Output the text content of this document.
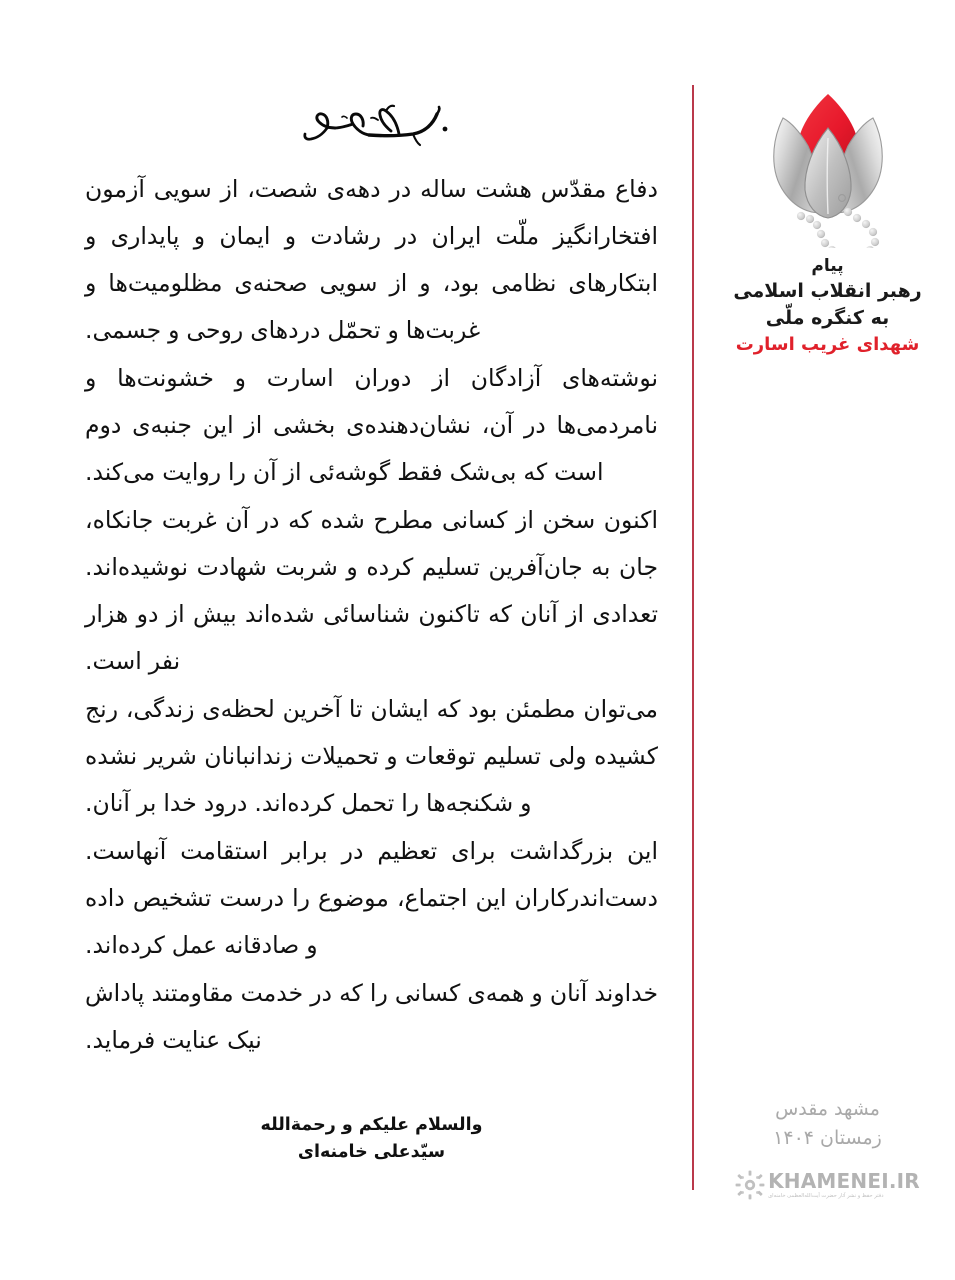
پیام
رهبر انقلاب اسلامی
به کنگره ملّی
شهدای غریب اسارت
مشهد مقدس
زمستان ۱۴۰۴
KHAMENEI.IR
دفتر حفظ و نشر آثار حضرت آیت‌الله‌العظمی خامنه‌ای

دفاع مقدّس هشت ساله در دهه‌ی شصت، از سویی آزمون افتخارانگیز ملّت ایران در رشادت و ایمان و پایداری و ابتکارهای نظامی بود، و از سویی صحنه‌ی مظلومیت‌ها و غربت‌ها و تحمّل دردهای روحی و جسمی.

نوشته‌های آزادگان از دوران اسارت و خشونت‌ها و نامردمی‌ها در آن، نشان‌دهنده‌ی بخشی از این جنبه‌ی دوم است که بی‌شک فقط گوشه‌ئی از آن را روایت می‌کند.

اکنون سخن از کسانی مطرح شده که در آن غربت جانکاه، جان به جان‌آفرین تسلیم کرده و شربت شهادت نوشیده‌اند. تعدادی از آنان که تاکنون شناسائی شده‌اند بیش از دو هزار نفر است.

می‌توان مطمئن بود که ایشان تا آخرین لحظه‌ی زندگی، رنج کشیده ولی تسلیم توقعات و تحمیلات زندانبانان شریر نشده و شکنجه‌ها را تحمل کرده‌اند. درود خدا بر آنان.

این بزرگداشت برای تعظیم در برابر استقامت آنهاست. دست‌اندرکاران این اجتماع، موضوع را درست تشخیص داده و صادقانه عمل کرده‌اند.

خداوند آنان و همه‌ی کسانی را که در خدمت مقاومتند پاداش نیک عنایت فرماید.

والسلام علیکم و رحمة‌الله
سیّدعلی خامنه‌ای
